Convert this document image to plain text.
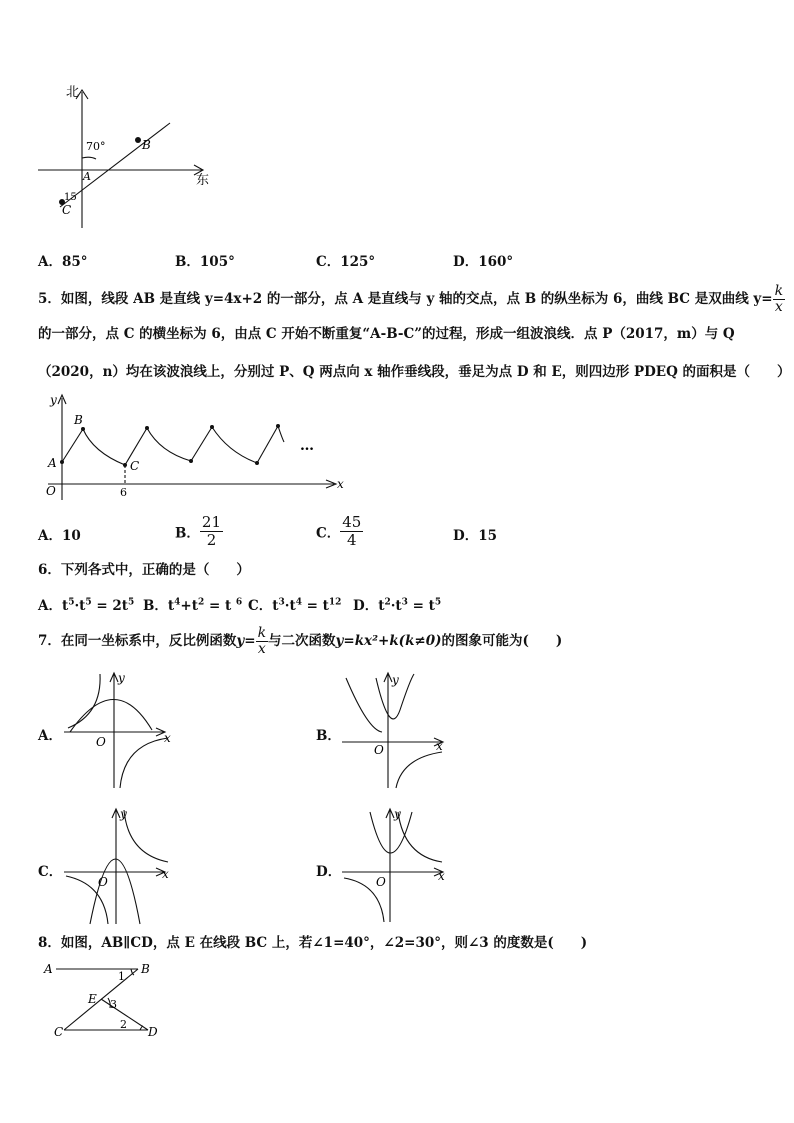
北
东
70°
15
A
B
C
A．85°	B．105°	C．125°	D．160°
5．如图，线段 AB 是直线 y=4x+2 的一部分，点 A 是直线与 y 轴的交点，点 B 的纵坐标为 6，曲线 BC 是双曲线 $y= \frac{k}{x}$
的一部分，点 C 的横坐标为 6，由点 C 开始不断重复“A-B-C”的过程，形成一组波浪线．点 P（2017，m）与 Q
（2020，n）均在该波浪线上，分别过 P、Q 两点向 x 轴作垂线段，垂足为点 D 和 E，则四边形 PDEQ 的面积是（　　）
y
x
O
A
B
C
6
…
A．10	B． $\frac{21}{2}$	C． $\frac{45}{4}$	D．15
6．下列各式中，正确的是（　　）
A．$t^5\cdot t^5 = 2t^5$ B．$t^4+t^2 = t$ $^6$ C．$t^3\cdot t^4 = t^{12}$ D．$t^2\cdot t^3 = t^5$
7．在同一坐标系中，反比例函数$y= \frac{k}{x}$ 与二次函数y=kx²+k(k≠0)的图象可能为(　　)
A．
y
x
O	B．
y
x
O
C．
y
x
O
D．
y
x
O
8．如图，AB∥CD，点 E 在线段 BC 上，若∠1=40°，∠2=30°，则∠3 的度数是(　　)
A	B
C	D
E
1
2
3
